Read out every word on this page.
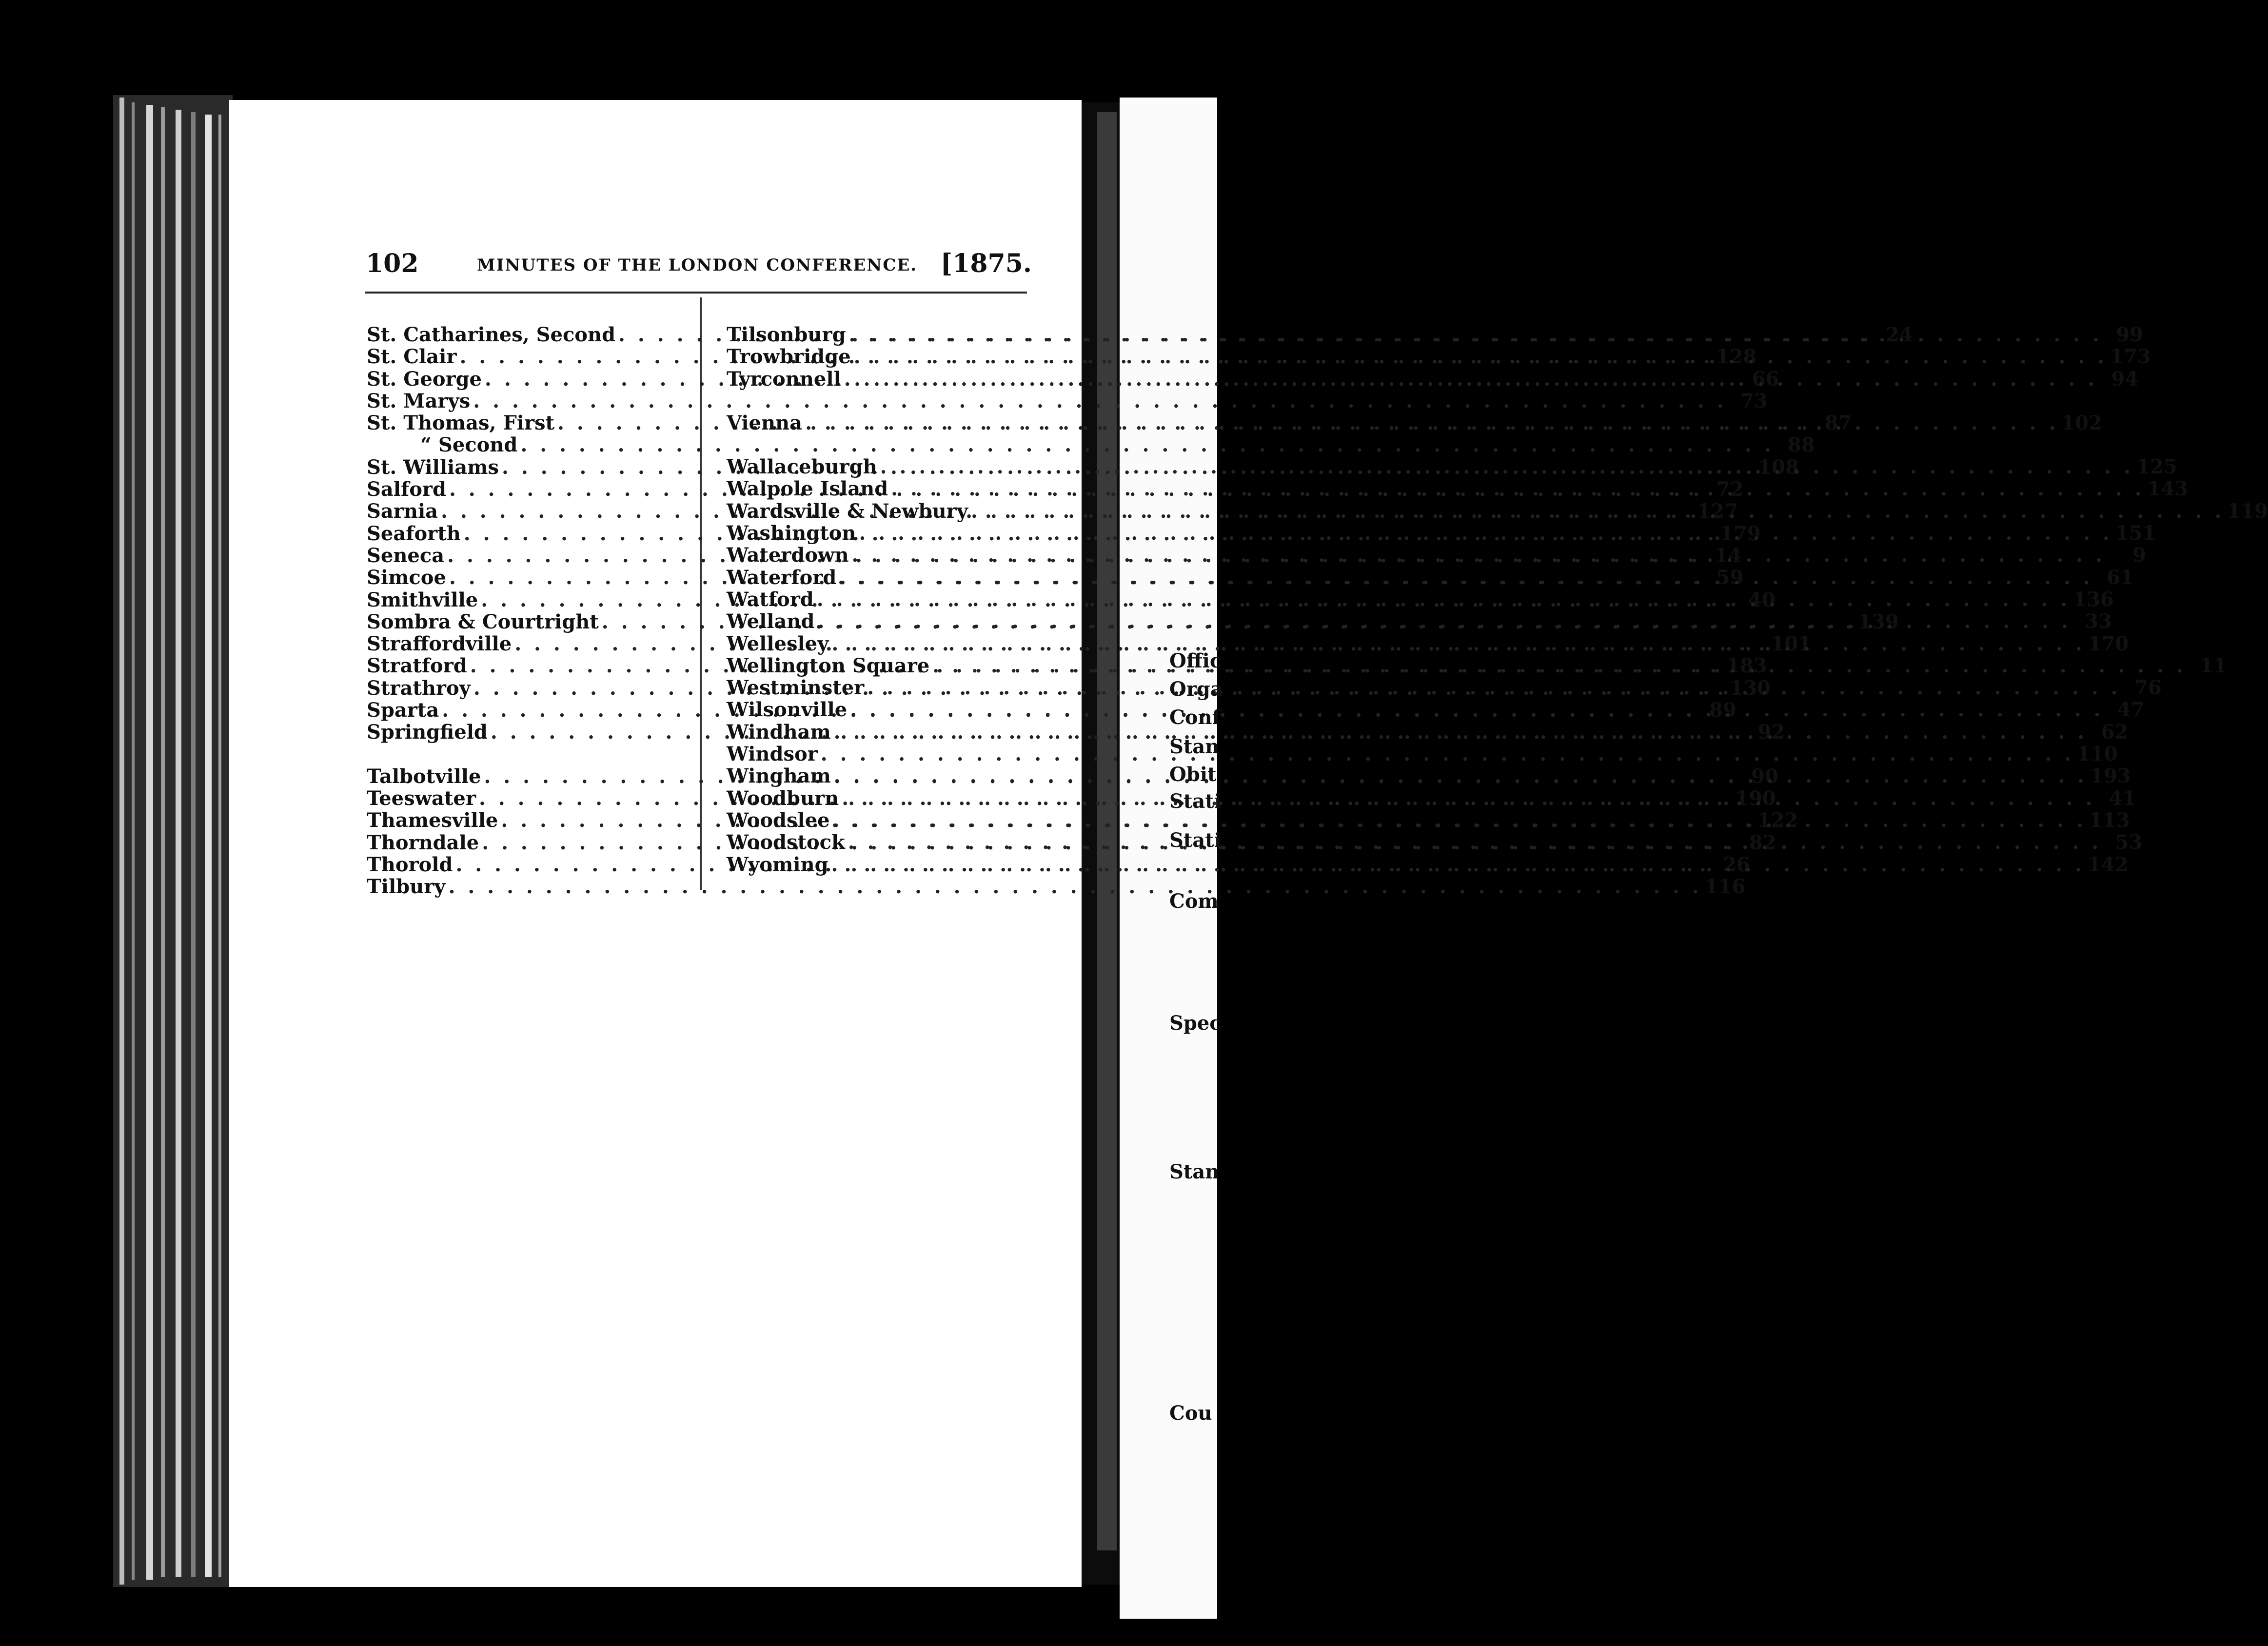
102	MINUTES OF THE LONDON CONFERENCE. [1875.
St. Catharines, Second . . .	24
St. Clair . . .	128
St. George . . .	66
St. Marys . . .	73
St. Thomas, First . . .	87
“ Second . . .	88
St. Williams . . .	108
Salford . . .	72
Sarnia . . .	127
Seaforth . . .	179
Seneca . . .	14
Simcoe . . .	59
Smithville . . .	40
Sombra & Courtright . . .	139
Straffordville . . .	101
Stratford . . .	183
Strathroy . . .	130
Sparta . . .	89
Springfield . . .	92
Talbotville . . .	90
Teeswater . . .	190
Thamesville . . .	122
Thorndale . . .	82
Thorold . . .	26
Tilbury . . .	116
Tilsonburg . . .	99
Trowbridge . . .	173
Tyrconnell . . .	94
Vienna . . .	102
Wallaceburgh . . .	125
Walpole Island . . .	143
Wardsville & Newbury . . .	119
Washington . . .	151
Waterdown . . .	9
Waterford . . .	61
Watford . . .	136
Welland . . .	33
Wellesley . . .	170
Wellington Square . . .	11
Westminster . . .	76
Wilsonville . . .	47
Windham . . .	62
Windsor . . .	110
Wingham . . .	193
Woodburn . . .	41
Woodslee . . .	113
Woodstock . . .	53
Wyoming . . .	142
Offic
Orga
Conf
Stan
Obit
Stati
Stati
Com
Spec
Stan
Cou
